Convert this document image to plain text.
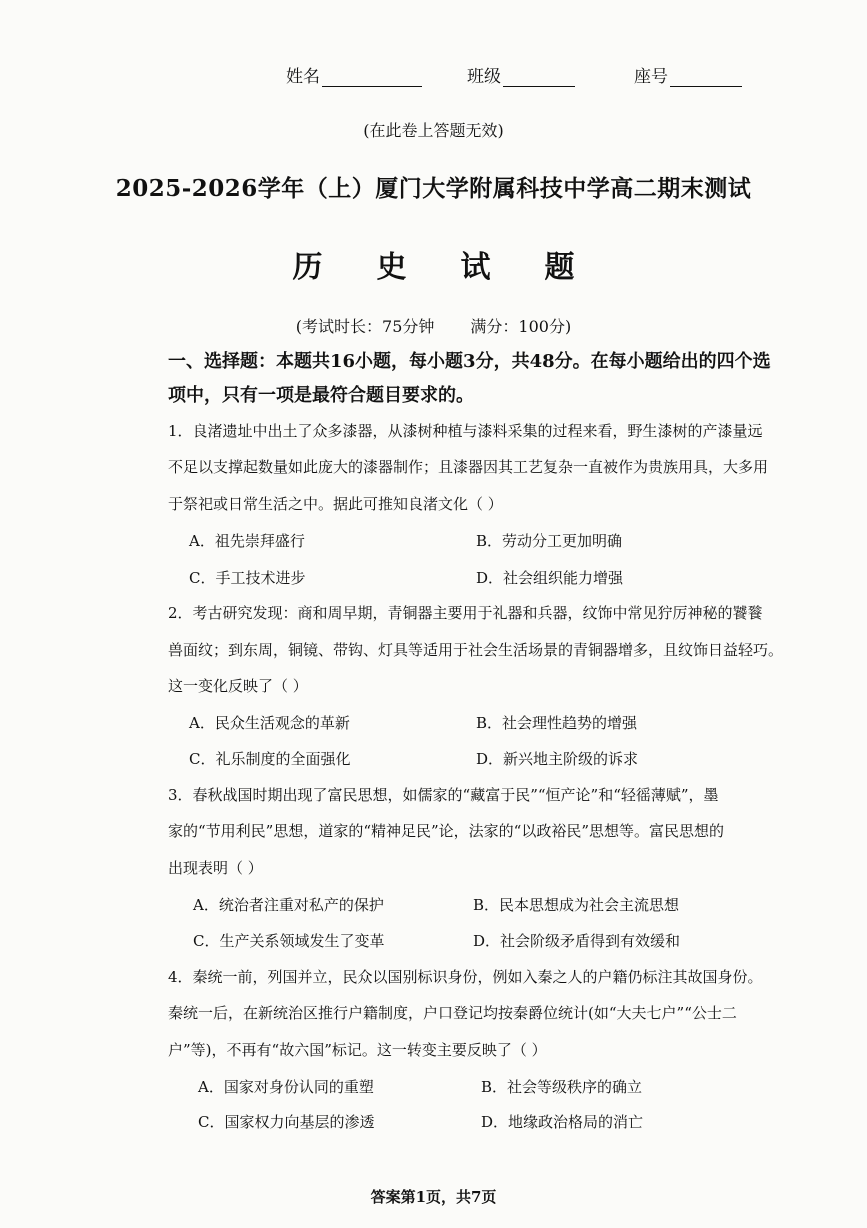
姓名	班级	座号
(在此卷上答题无效)
2025-2026学年（上）厦门大学附属科技中学高二期末测试
历 史 试 题
(考试时长：75分钟 满分：100分)
一、选择题：本题共16小题，每小题3分，共48分。在每小题给出的四个选
项中，只有一项是最符合题目要求的。
1．良渚遗址中出土了众多漆器，从漆树种植与漆料采集的过程来看，野生漆树的产漆量远
不足以支撑起数量如此庞大的漆器制作；且漆器因其工艺复杂一直被作为贵族用具，大多用
于祭祀或日常生活之中。据此可推知良渚文化（ ）
A．祖先崇拜盛行	B．劳动分工更加明确
C．手工技术进步	D．社会组织能力增强
2．考古研究发现：商和周早期，青铜器主要用于礼器和兵器，纹饰中常见狞厉神秘的饕餮
兽面纹；到东周，铜镜、带钩、灯具等适用于社会生活场景的青铜器增多，且纹饰日益轻巧。
这一变化反映了（ ）
A．民众生活观念的革新	B．社会理性趋势的增强
C．礼乐制度的全面强化	D．新兴地主阶级的诉求
3．春秋战国时期出现了富民思想，如儒家的“藏富于民”“恒产论”和“轻徭薄赋”，墨
家的“节用利民”思想，道家的“精神足民”论，法家的“以政裕民”思想等。富民思想的
出现表明（ ）
A．统治者注重对私产的保护	B．民本思想成为社会主流思想
C．生产关系领域发生了变革	D．社会阶级矛盾得到有效缓和
4．秦统一前，列国并立，民众以国别标识身份，例如入秦之人的户籍仍标注其故国身份。
秦统一后，在新统治区推行户籍制度，户口登记均按秦爵位统计(如“大夫七户”“公士二
户”等)，不再有“故六国”标记。这一转变主要反映了（ ）
A．国家对身份认同的重塑	B．社会等级秩序的确立
C．国家权力向基层的渗透	D．地缘政治格局的消亡
答案第1页，共7页
